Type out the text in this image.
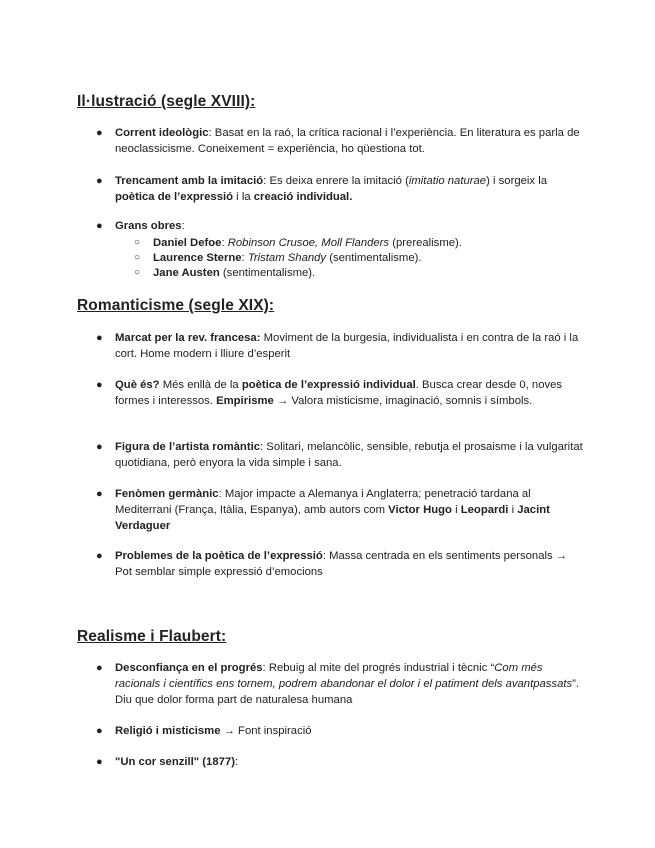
Il·lustració (segle XVIII):
● Corrent ideològic: Basat en la raó, la crítica racional i l’experiència. En literatura es parla de neoclassicisme. Coneixement = experiència, ho qüestiona tot.
● Trencament amb la imitació: Es deixa enrere la imitació (imitatio naturae) i sorgeix la poètica de l’expressió i la creació individual.
● Grans obres:
○ Daniel Defoe: Robinson Crusoe, Moll Flanders (prerealisme).
○ Laurence Sterne: Tristam Shandy (sentimentalisme).
○ Jane Austen (sentimentalisme).
Romanticisme (segle XIX):
● Marcat per la rev. francesa: Moviment de la burgesia, individualista i en contra de la raó i la cort. Home modern i lliure d’esperit
● Què és? Més enllà de la poètica de l’expressió individual. Busca crear desde 0, noves formes i interessos. Empirisme → Valora misticisme, imaginació, somnis i símbols.
● Figura de l’artista romàntic: Solitari, melancòlic, sensible, rebutja el prosaisme i la vulgaritat quotidiana, però enyora la vida simple i sana.
● Fenòmen germànic: Major impacte a Alemanya i Anglaterra; penetració tardana al Mediterrani (França, Itàlia, Espanya), amb autors com Victor Hugo i Leopardi i Jacint Verdaguer
● Problemes de la poètica de l’expressió: Massa centrada en els sentiments personals → Pot semblar simple expressió d’emocions
Realisme i Flaubert:
● Desconfiança en el progrés: Rebuig al mite del progrés industrial i tècnic “Com més racionals i científics ens tornem, podrem abandonar el dolor i el patiment dels avantpassats”. Diu que dolor forma part de naturalesa humana
● Religió i misticisme → Font inspiració
● "Un cor senzill" (1877):
